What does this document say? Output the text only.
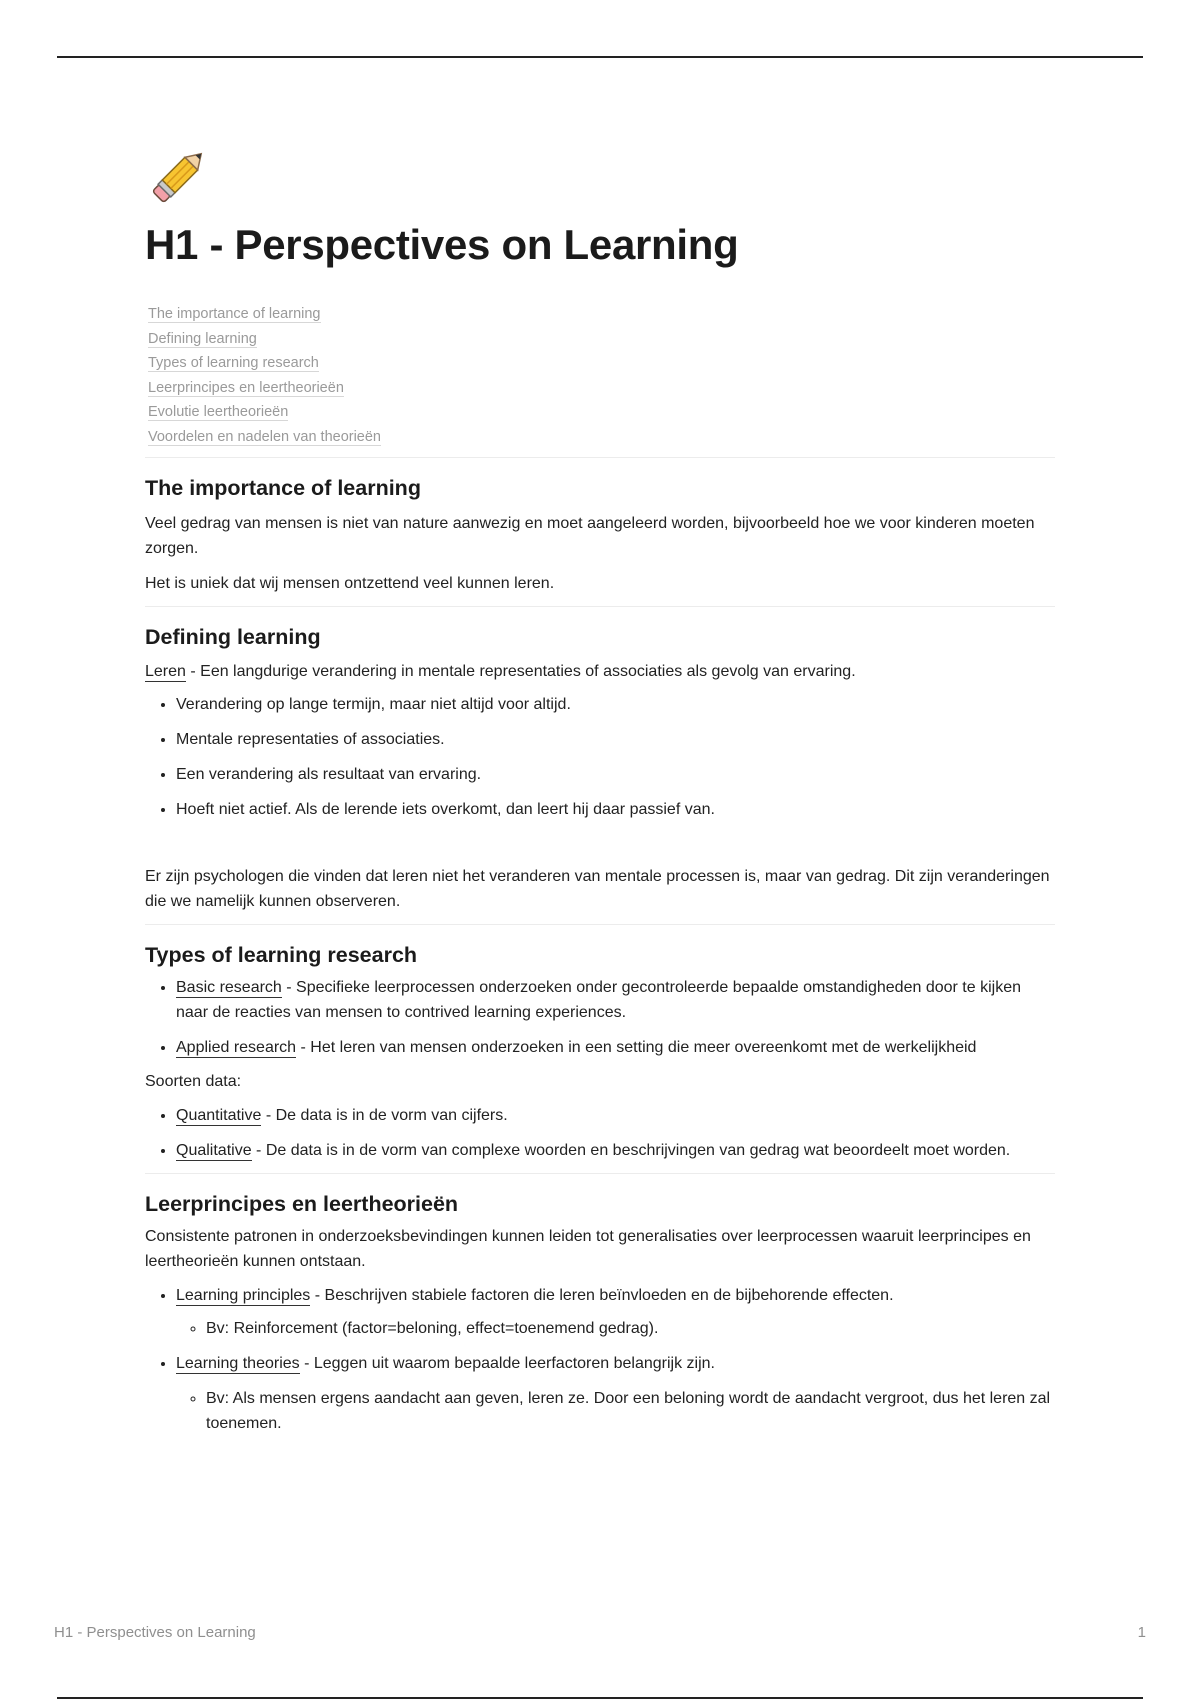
H1 - Perspectives on Learning
The importance of learning
Defining learning
Types of learning research
Leerprincipes en leertheorieën
Evolutie leertheorieën
Voordelen en nadelen van theorieën
The importance of learning

Veel gedrag van mensen is niet van nature aanwezig en moet aangeleerd worden, bijvoorbeeld hoe we voor kinderen moeten zorgen.

Het is uniek dat wij mensen ontzettend veel kunnen leren.

Defining learning

Leren - Een langdurige verandering in mentale representaties of associaties als gevolg van ervaring.

• Verandering op lange termijn, maar niet altijd voor altijd.
• Mentale representaties of associaties.
• Een verandering als resultaat van ervaring.
• Hoeft niet actief. Als de lerende iets overkomt, dan leert hij daar passief van.

Er zijn psychologen die vinden dat leren niet het veranderen van mentale processen is, maar van gedrag. Dit zijn veranderingen die we namelijk kunnen observeren.

Types of learning research
• Basic research - Specifieke leerprocessen onderzoeken onder gecontroleerde bepaalde omstandigheden door te kijken naar de reacties van mensen to contrived learning experiences.
• Applied research - Het leren van mensen onderzoeken in een setting die meer overeenkomt met de werkelijkheid

Soorten data:

• Quantitative - De data is in de vorm van cijfers.
• Qualitative - De data is in de vorm van complexe woorden en beschrijvingen van gedrag wat beoordeelt moet worden.
Leerprincipes en leertheorieën

Consistente patronen in onderzoeksbevindingen kunnen leiden tot generalisaties over leerprocessen waaruit leerprincipes en leertheorieën kunnen ontstaan.

• Learning principles - Beschrijven stabiele factoren die leren beïnvloeden en de bijbehorende effecten.
◦ Bv: Reinforcement (factor=beloning, effect=toenemend gedrag).
• Learning theories - Leggen uit waarom bepaalde leerfactoren belangrijk zijn.
◦ Bv: Als mensen ergens aandacht aan geven, leren ze. Door een beloning wordt de aandacht vergroot, dus het leren zal toenemen.
H1 - Perspectives on Learning	1
